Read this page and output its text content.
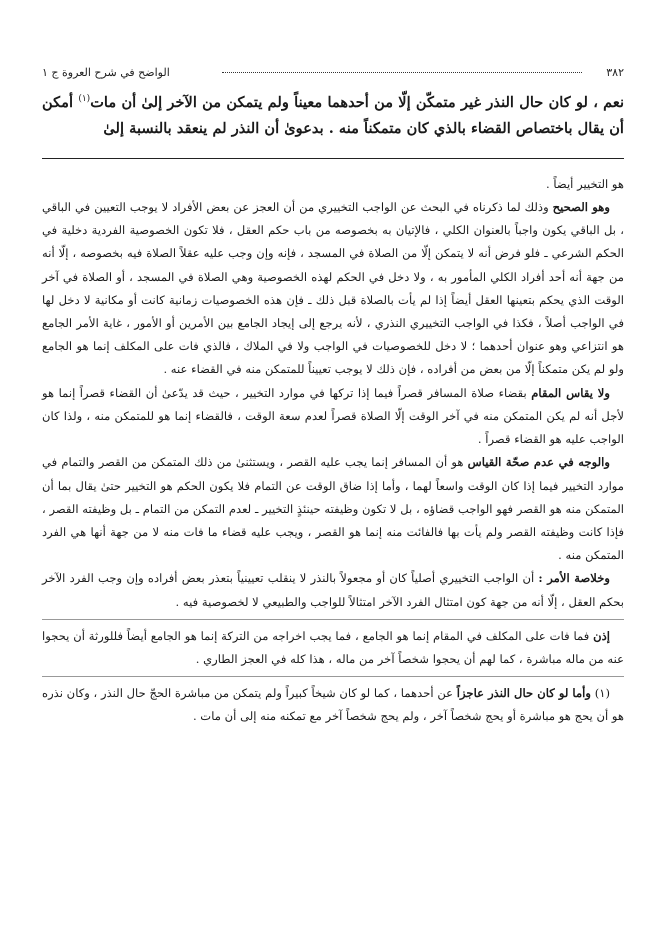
٣٨٢
الواضح في شرح العروة ج ١
نعم ، لو كان حال النذر غير متمكّن إلّا من أحدهما معيناً ولم يتمكن من الآخر إلىٰ أن مات$^{(١)}$ أمكن أن يقال باختصاص القضاء بالذي كان متمكناً منه . بدعوىٰ أن النذر لم ينعقد بالنسبة إلىٰ

هو التخيير أيضاً .

وهو الصحيح وذلك لما ذكرناه في البحث عن الواجب التخييري من أن العجز عن بعض الأفراد لا يوجب التعيين في الباقي ، بل الباقي يكون واجباً بالعنوان الكلي ، فالإتيان به بخصوصه من باب حكم العقل ، فلا تكون الخصوصية الفردية دخلية في الحكم الشرعي ـ فلو فرض أنه لا يتمكن إلّا من الصلاة في المسجد ، فإنه وإن وجب عليه عقلاً الصلاة فيه بخصوصه ، إلّا أنه من جهة أنه أحد أفراد الكلي المأمور به ، ولا دخل في الحكم لهذه الخصوصية وهي الصلاة في المسجد ، أو الصلاة في آخر الوقت الذي يحكم بتعينها العقل أيضاً إذا لم يأت بالصلاة قبل ذلك ـ فإن هذه الخصوصيات زمانية كانت أو مكانية لا دخل لها في الواجب أصلاً ، فكذا في الواجب التخييري النذري ، لأنه يرجع إلى إيجاد الجامع بين الأمرين أو الأمور ، غاية الأمر الجامع هو انتزاعي وهو عنوان أحدهما ؛ لا دخل للخصوصيات في الواجب ولا في الملاك ، فالذي فات على المكلف إنما هو الجامع ولو لم يكن متمكناً إلّا من بعض من أفراده ، فإن ذلك لا يوجب تعييناً للمتمكن منه في القضاء عنه .

ولا يقاس المقام بقضاء صلاة المسافر قصراً فيما إذا تركها في موارد التخيير ، حيث قد يدّعىٰ أن القضاء قصراً إنما هو لأجل أنه لم يكن المتمكن منه في آخر الوقت إلّا الصلاة قصراً لعدم سعة الوقت ، فالقضاء إنما هو للمتمكن منه ، ولذا كان الواجب عليه هو القضاء قصراً .

والوجه في عدم صحّة القياس هو أن المسافر إنما يجب عليه القصر ، ويستثنىٰ من ذلك المتمكن من القصر والتمام في موارد التخيير فيما إذا كان الوقت واسعاً لهما ، وأما إذا ضاق الوقت عن التمام فلا يكون الحكم هو التخيير حتىٰ يقال بما أن المتمكن منه هو القصر فهو الواجب قضاؤه ، بل لا تكون وظيفته حينئذٍ التخيير ـ لعدم التمكن من التمام ـ بل وظيفته القصر ، فإذا كانت وظيفته القصر ولم يأت بها فالفائت منه إنما هو القصر ، ويجب عليه قضاء ما فات منه لا من جهة أنها هي الفرد المتمكن منه .

وخلاصة الأمر : أن الواجب التخييري أصلياً كان أو مجعولاً بالنذر لا ينقلب تعيينياً بتعذر بعض أفراده وإن وجب الفرد الآخر بحكم العقل ، إلّا أنه من جهة كون امتثال الفرد الآخر امتثالاً للواجب والطبيعي لا لخصوصية فيه .

إذن فما فات على المكلف في المقام إنما هو الجامع ، فما يجب اخراجه من التركة إنما هو الجامع أيضاً فللورثة أن يحجوا عنه من ماله مباشرة ، كما لهم أن يحجوا شخصاً آخر من ماله ، هذا كله في العجز الطاري .

(١) وأما لو كان حال النذر عاجزاً عن أحدهما ، كما لو كان شيخاً كبيراً ولم يتمكن من مباشرة الحجّ حال النذر ، وكان نذره هو أن يحج هو مباشرة أو يحج شخصاً آخر ، ولم يحج شخصاً آخر مع تمكنه منه إلى أن مات .
